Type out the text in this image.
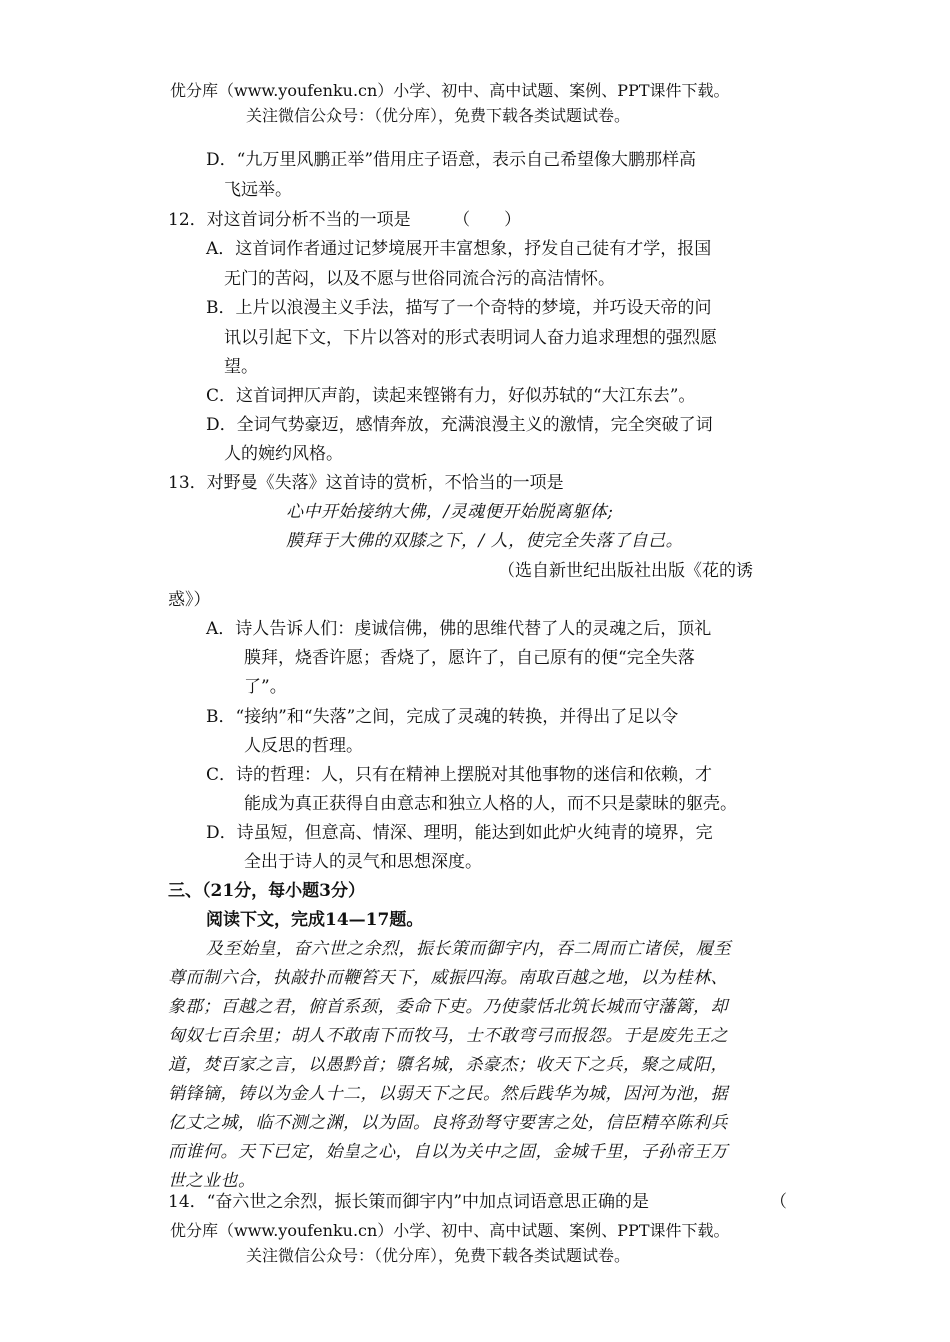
优分库（www.youfenku.cn）小学、初中、高中试题、案例、PPT课件下载。
关注微信公众号：（优分库），免费下载各类试题试卷。
D．“九万里风鹏正举”借用庄子语意，表示自己希望像大鹏那样高
飞远举。
12．对这首词分析不当的一项是　　　（　　）
A．这首词作者通过记梦境展开丰富想象，抒发自己徒有才学，报国
无门的苦闷，以及不愿与世俗同流合污的高洁情怀。
B．上片以浪漫主义手法，描写了一个奇特的梦境，并巧设天帝的问
讯以引起下文，下片以答对的形式表明词人奋力追求理想的强烈愿
望。
C．这首词押仄声韵，读起来铿锵有力，好似苏轼的“大江东去”。
D．全词气势豪迈，感情奔放，充满浪漫主义的激情，完全突破了词
人的婉约风格。
13．对野曼《失落》这首诗的赏析，不恰当的一项是
心中开始接纳大佛，/灵魂便开始脱离躯体;
膜拜于大佛的双膝之下，/ 人，使完全失落了自己。
（选自新世纪出版社出版《花的诱
惑》）
A．诗人告诉人们：虔诚信佛，佛的思维代替了人的灵魂之后，顶礼
膜拜，烧香许愿；香烧了，愿许了，自己原有的便“完全失落
了”。
B．“接纳”和“失落”之间，完成了灵魂的转换，并得出了足以令
人反思的哲理。
C．诗的哲理：人，只有在精神上摆脱对其他事物的迷信和依赖，才
能成为真正获得自由意志和独立人格的人，而不只是蒙昧的躯壳。
D．诗虽短，但意高、情深、理明，能达到如此炉火纯青的境界，完
全出于诗人的灵气和思想深度。
三、（21分，每小题3分）
阅读下文，完成14—17题。
及至始皇，奋六世之余烈，振长策而御宇内，吞二周而亡诸侯，履至
尊而制六合，执敲扑而鞭笞天下，威振四海。南取百越之地，以为桂林、
象郡；百越之君，俯首系颈，委命下吏。乃使蒙恬北筑长城而守藩篱，却
匈奴七百余里；胡人不敢南下而牧马，士不敢弯弓而报怨。于是废先王之
道，焚百家之言，以愚黔首；隳名城，杀豪杰；收天下之兵，聚之咸阳，
销锋镝，铸以为金人十二，以弱天下之民。然后践华为城，因河为池，据
亿丈之城，临不测之渊，以为固。良将劲弩守要害之处，信臣精卒陈利兵
而谁何。天下已定，始皇之心，自以为关中之固，金城千里，子孙帝王万
世之业也。
14．“奋六世之余烈，振长策而御宇内”中加点词语意思正确的是	（
优分库（www.youfenku.cn）小学、初中、高中试题、案例、PPT课件下载。
关注微信公众号：（优分库），免费下载各类试题试卷。
